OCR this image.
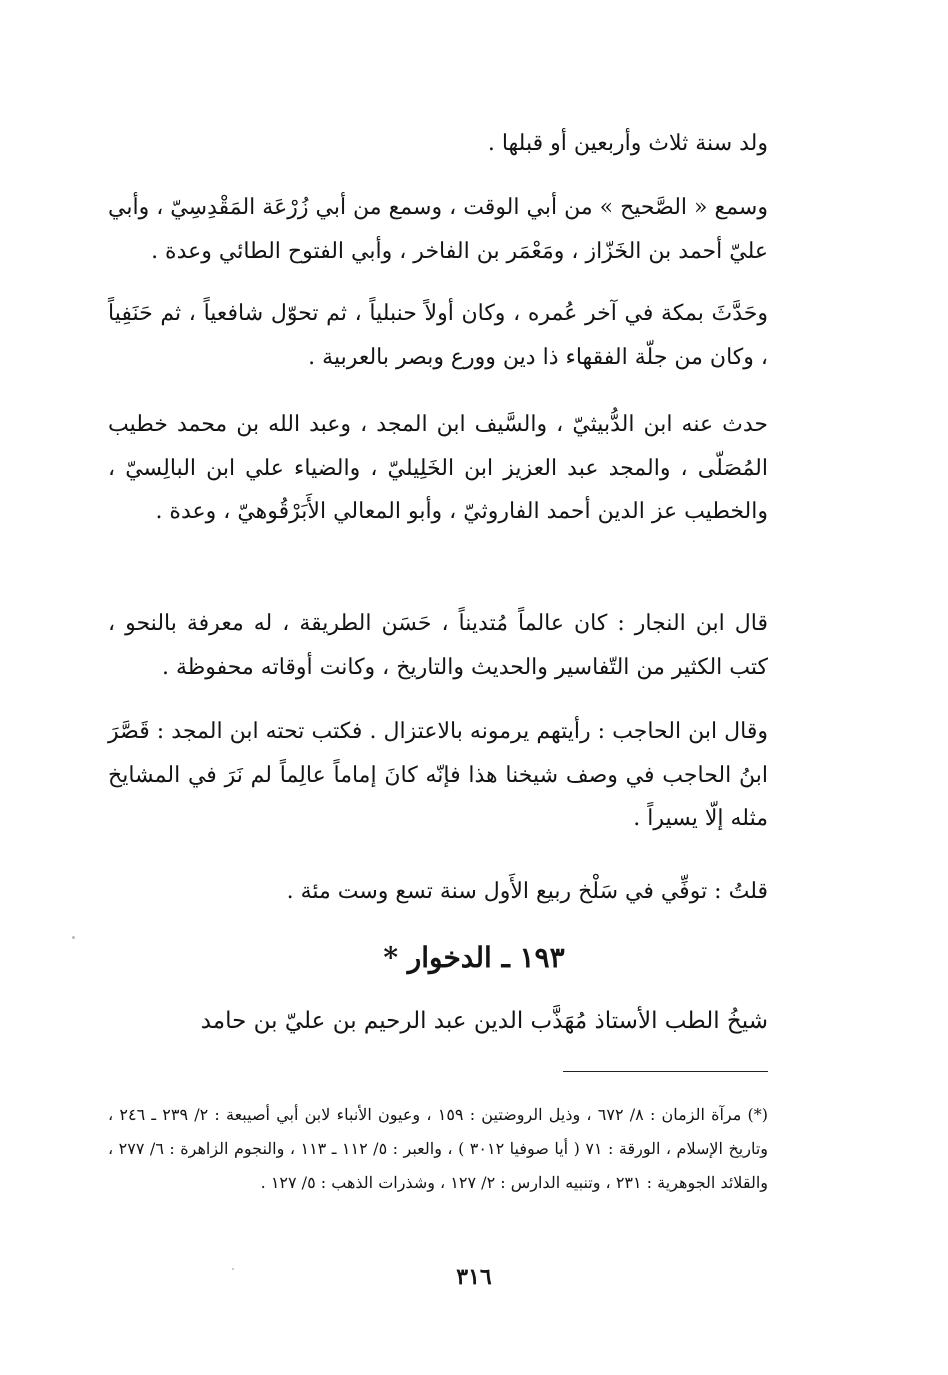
ولد سنة ثلاث وأربعين أو قبلها .

وسمع « الصَّحيح » من أبي الوقت ، وسمع من أبي زُرْعَة المَقْدِسِيّ ، وأبي عليّ أحمد بن الخَزّاز ، ومَعْمَر بن الفاخر ، وأبي الفتوح الطائي وعدة .

وحَدَّثَ بمكة في آخر عُمره ، وكان أولاً حنبلياً ، ثم تحوّل شافعياً ، ثم حَنَفِياً ، وكان من جلّة الفقهاء ذا دين وورع وبصر بالعربية .

حدث عنه ابن الدُّبيثيّ ، والسَّيف ابن المجد ، وعبد الله بن محمد خطيب المُصَلّى ، والمجد عبد العزيز ابن الخَلِيليّ ، والضياء علي ابن البالِسيّ ، والخطيب عز الدين أحمد الفاروثيّ ، وأبو المعالي الأَبَرْقُوهيّ ، وعدة .

قال ابن النجار : كان عالماً مُتديناً ، حَسَن الطريقة ، له معرفة بالنحو ، كتب الكثير من التّفاسير والحديث والتاريخ ، وكانت أوقاته محفوظة .

وقال ابن الحاجب : رأيتهم يرمونه بالاعتزال . فكتب تحته ابن المجد : قَصَّرَ ابنُ الحاجب في وصف شيخنا هذا فإنّه كانَ إماماً عالِماً لم نَرَ في المشايخ مثله إلّا يسيراً .

قلتُ : توفِّي في سَلْخ ربيع الأَول سنة تسع وست مئة .

١٩٣ ـ الدخوار *

شيخُ الطب الأستاذ مُهَذَّب الدين عبد الرحيم بن عليّ بن حامد

(*) مرآة الزمان : ٨/ ٦٧٢ ، وذيل الروضتين : ١٥٩ ، وعيون الأنباء لابن أبي أصيبعة : ٢/ ٢٣٩ ـ ٢٤٦ ، وتاريخ الإسلام ، الورقة : ٧١ ( أيا صوفيا ٣٠١٢ ) ، والعبر : ٥/ ١١٢ ـ ١١٣ ، والنجوم الزاهرة : ٦/ ٢٧٧ ، والقلائد الجوهرية : ٢٣١ ، وتنبيه الدارس : ٢/ ١٢٧ ، وشذرات الذهب : ٥/ ١٢٧ .

٣١٦
